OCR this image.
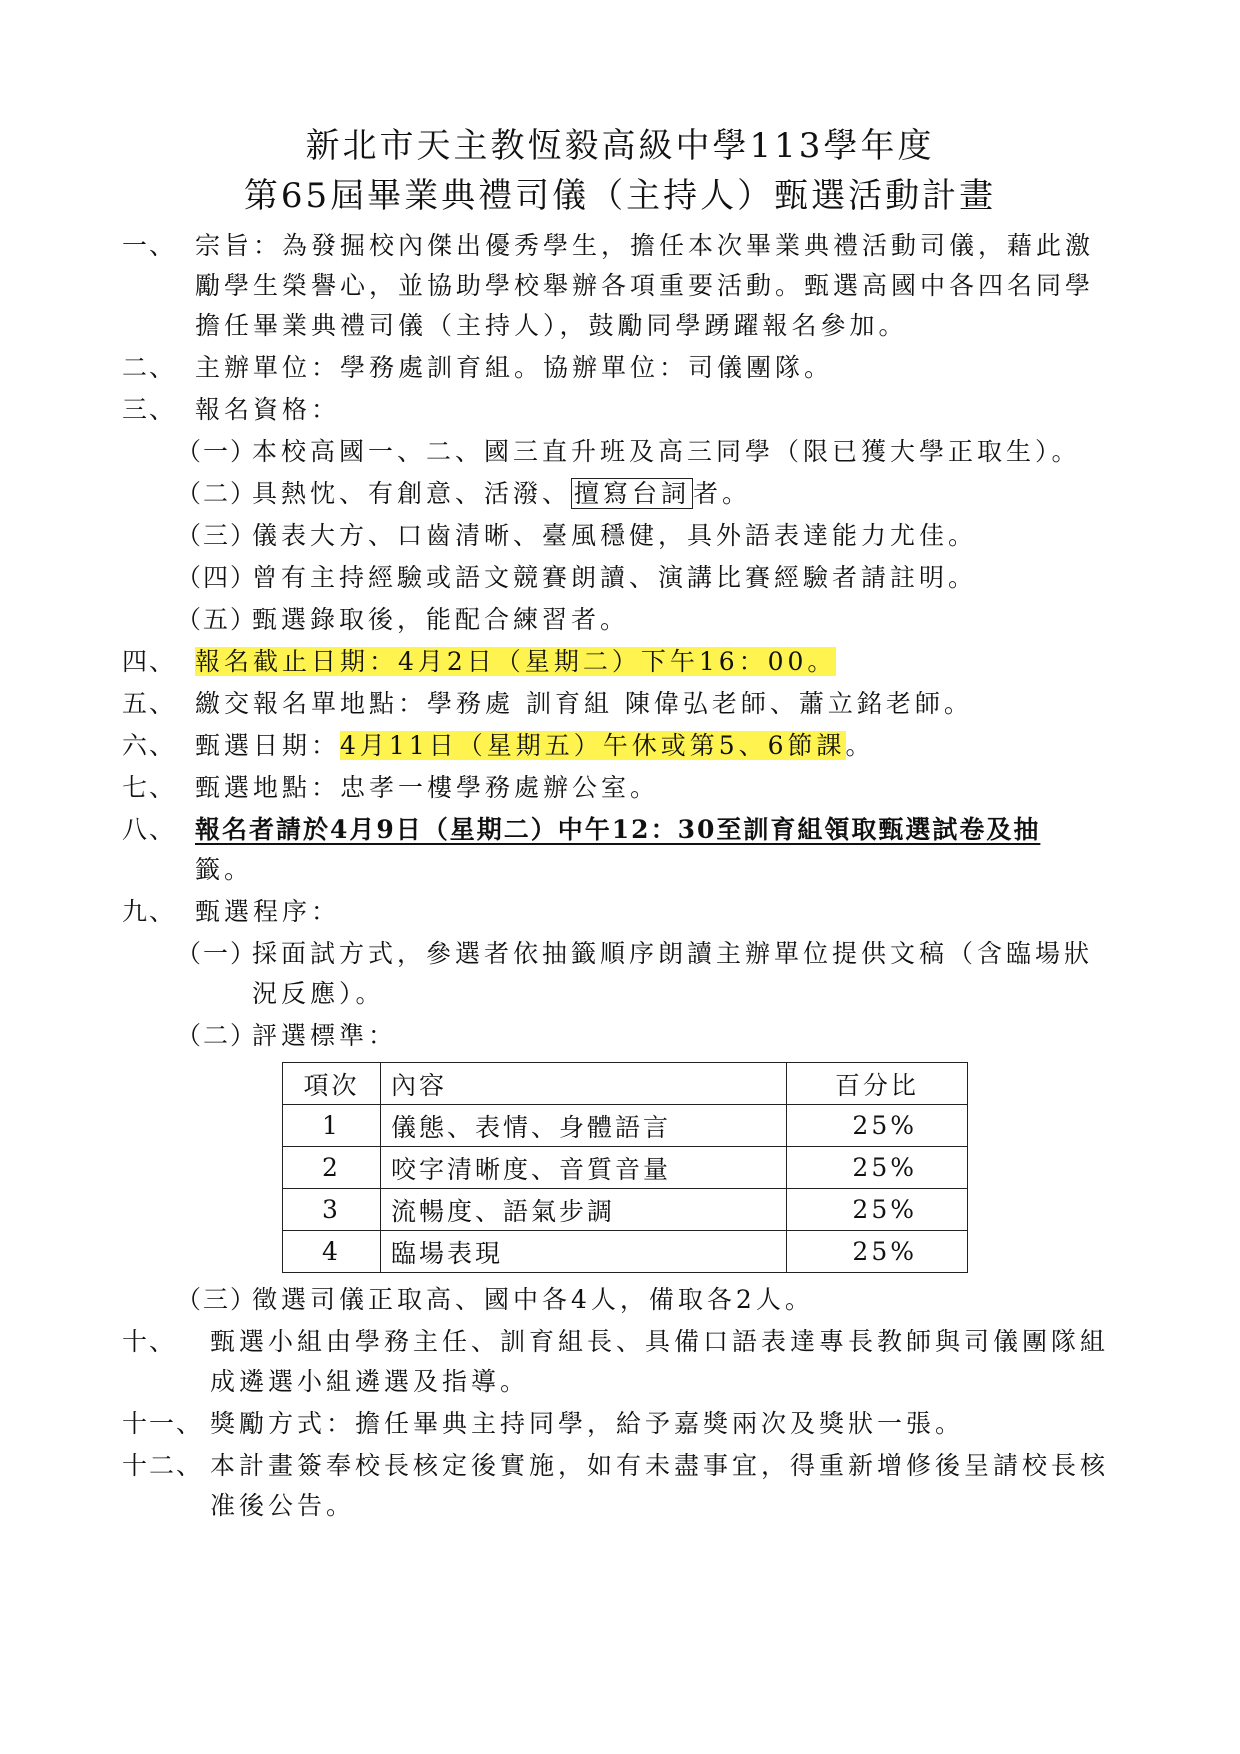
新北市天主教恆毅高級中學113學年度
第65屆畢業典禮司儀（主持人）甄選活動計畫
一、 宗旨：為發掘校內傑出優秀學生，擔任本次畢業典禮活動司儀，藉此激
勵學生榮譽心，並協助學校舉辦各項重要活動。甄選高國中各四名同學
擔任畢業典禮司儀（主持人），鼓勵同學踴躍報名參加。
二、 主辦單位：學務處訓育組。協辦單位：司儀團隊。
三、 報名資格：
（一）
本校高國一、二、國三直升班及高三同學（限已獲大學正取生）。
（二）
具熱忱、有創意、活潑、 擅寫台詞 者。
（三）
儀表大方、口齒清晰、臺風穩健，具外語表達能力尤佳。
（四）
曾有主持經驗或語文競賽朗讀、演講比賽經驗者請註明。
（五）
甄選錄取後，能配合練習者。
四、 報名截止日期：4月2日（星期二）下午16：00。
五、 繳交報名單地點：學務處 訓育組 陳偉弘老師、蕭立銘老師。
六、 甄選日期：4月11日（星期五）午休或第5、6節課。
七、 甄選地點：忠孝一樓學務處辦公室。
八、 報名者請於4月9日（星期二）中午12：30至訓育組領取甄選試卷及抽
籤。
九、 甄選程序：
（一）
採面試方式，參選者依抽籤順序朗讀主辦單位提供文稿（含臨場狀
況反應）。
（二）
評選標準：
項次	內容	百分比
1	儀態、表情、身體語言	25%
2	咬字清晰度、音質音量	25%
3	流暢度、語氣步調	25%
4	臨場表現	25%
（三）
徵選司儀正取高、國中各4人，備取各2人。
十、 甄選小組由學務主任、訓育組長、具備口語表達專長教師與司儀團隊組
成遴選小組遴選及指導。
十一、 獎勵方式：擔任畢典主持同學，給予嘉獎兩次及獎狀一張。
十二、 本計畫簽奉校長核定後實施，如有未盡事宜，得重新增修後呈請校長核
准後公告。
